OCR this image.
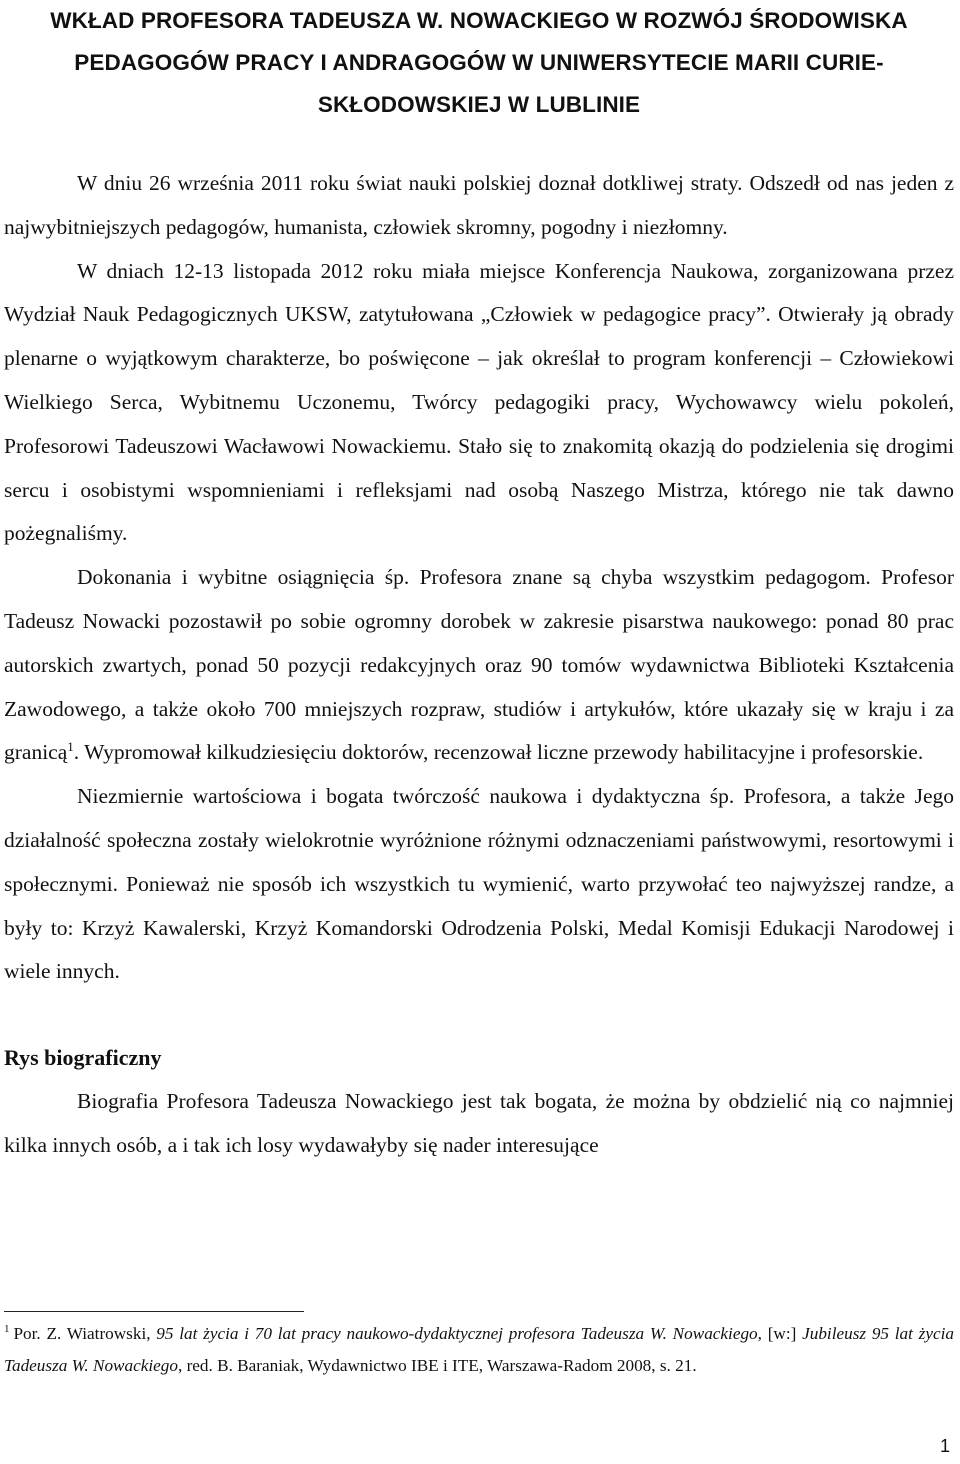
WKŁAD PROFESORA TADEUSZA W. NOWACKIEGO W ROZWÓJ ŚRODOWISKA
PEDAGOGÓW PRACY I ANDRAGOGÓW W UNIWERSYTECIE MARII CURIE-
SKŁODOWSKIEJ W LUBLINIE

W dniu 26 września 2011 roku świat nauki polskiej doznał dotkliwej straty. Odszedł od nas jeden z najwybitniejszych pedagogów, humanista, człowiek skromny, pogodny i niezłomny.

W dniach 12-13 listopada 2012 roku miała miejsce Konferencja Naukowa, zorganizowana przez Wydział Nauk Pedagogicznych UKSW, zatytułowana „Człowiek w pedagogice pracy”. Otwierały ją obrady plenarne o wyjątkowym charakterze, bo poświęcone – jak określał to program konferencji – Człowiekowi Wielkiego Serca, Wybitnemu Uczonemu, Twórcy pedagogiki pracy, Wychowawcy wielu pokoleń, Profesorowi Tadeuszowi Wacławowi Nowackiemu. Stało się to znakomitą okazją do podzielenia się drogimi sercu i osobistymi wspomnieniami i refleksjami nad osobą Naszego Mistrza, którego nie tak dawno pożegnaliśmy.

Dokonania i wybitne osiągnięcia śp. Profesora znane są chyba wszystkim pedagogom. Profesor Tadeusz Nowacki pozostawił po sobie ogromny dorobek w zakresie pisarstwa naukowego: ponad 80 prac autorskich zwartych, ponad 50 pozycji redakcyjnych oraz 90 tomów wydawnictwa Biblioteki Kształcenia Zawodowego, a także około 700 mniejszych rozpraw, studiów i artykułów, które ukazały się w kraju i za granicą$^1$. Wypromował kilkudziesięciu doktorów, recenzował liczne przewody habilitacyjne i profesorskie.

Niezmiernie wartościowa i bogata twórczość naukowa i dydaktyczna śp. Profesora, a także Jego działalność społeczna zostały wielokrotnie wyróżnione różnymi odznaczeniami państwowymi, resortowymi i społecznymi. Ponieważ nie sposób ich wszystkich tu wymienić, warto przywołać teo najwyższej randze, a były to: Krzyż Kawalerski, Krzyż Komandorski Odrodzenia Polski, Medal Komisji Edukacji Narodowej i wiele innych.

Rys biograficzny

Biografia Profesora Tadeusza Nowackiego jest tak bogata, że można by obdzielić nią co najmniej kilka innych osób, a i tak ich losy wydawałyby się nader interesujące

$^1$ Por. Z. Wiatrowski, 95 lat życia i 70 lat pracy naukowo-dydaktycznej profesora Tadeusza W. Nowackiego, [w:] Jubileusz 95 lat życia Tadeusza W. Nowackiego, red. B. Baraniak, Wydawnictwo IBE i ITE, Warszawa-Radom 2008, s. 21.
1
